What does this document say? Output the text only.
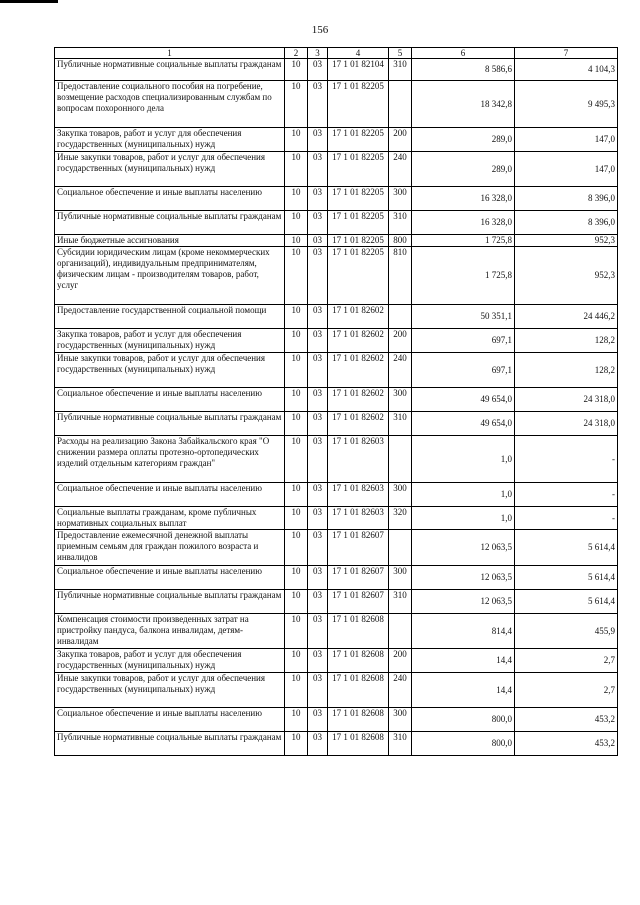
156
1	2	3	4	5	6	7
Публичные нормативные социальные выплаты гражданам	10	03	17 1 01 82104	310	8 586,6	4 104,3
Предоставление социального пособия на погребение, возмещение расходов специализированным службам по вопросам похоронного дела	10	03	17 1 01 82205		18 342,8	9 495,3
Закупка товаров, работ и услуг для обеспечения государственных (муниципальных) нужд	10	03	17 1 01 82205	200	289,0	147,0
Иные закупки товаров, работ и услуг для обеспечения государственных (муниципальных) нужд	10	03	17 1 01 82205	240	289,0	147,0
Социальное обеспечение и иные выплаты населению	10	03	17 1 01 82205	300	16 328,0	8 396,0
Публичные нормативные социальные выплаты гражданам	10	03	17 1 01 82205	310	16 328,0	8 396,0
Иные бюджетные ассигнования	10	03	17 1 01 82205	800	1 725,8	952,3
Субсидии юридическим лицам (кроме некоммерческих организаций), индивидуальным предпринимателям, физическим лицам - производителям товаров, работ, услуг	10	03	17 1 01 82205	810	1 725,8	952,3
Предоставление государственной социальной помощи	10	03	17 1 01 82602		50 351,1	24 446,2
Закупка товаров, работ и услуг для обеспечения государственных (муниципальных) нужд	10	03	17 1 01 82602	200	697,1	128,2
Иные закупки товаров, работ и услуг для обеспечения государственных (муниципальных) нужд	10	03	17 1 01 82602	240	697,1	128,2
Социальное обеспечение и иные выплаты населению	10	03	17 1 01 82602	300	49 654,0	24 318,0
Публичные нормативные социальные выплаты гражданам	10	03	17 1 01 82602	310	49 654,0	24 318,0
Расходы на реализацию Закона Забайкальского края "О снижении размера оплаты протезно-ортопедических изделий отдельным категориям граждан"	10	03	17 1 01 82603		1,0	-
Социальное обеспечение и иные выплаты населению	10	03	17 1 01 82603	300	1,0	-
Социальные выплаты гражданам, кроме публичных нормативных социальных выплат	10	03	17 1 01 82603	320	1,0	-
Предоставление ежемесячной денежной выплаты приемным семьям для граждан пожилого возраста и инвалидов	10	03	17 1 01 82607		12 063,5	5 614,4
Социальное обеспечение и иные выплаты населению	10	03	17 1 01 82607	300	12 063,5	5 614,4
Публичные нормативные социальные выплаты гражданам	10	03	17 1 01 82607	310	12 063,5	5 614,4
Компенсация стоимости произведенных затрат на пристройку пандуса, балкона инвалидам, детям-инвалидам	10	03	17 1 01 82608		814,4	455,9
Закупка товаров, работ и услуг для обеспечения государственных (муниципальных) нужд	10	03	17 1 01 82608	200	14,4	2,7
Иные закупки товаров, работ и услуг для обеспечения государственных (муниципальных) нужд	10	03	17 1 01 82608	240	14,4	2,7
Социальное обеспечение и иные выплаты населению	10	03	17 1 01 82608	300	800,0	453,2
Публичные нормативные социальные выплаты гражданам	10	03	17 1 01 82608	310	800,0	453,2
